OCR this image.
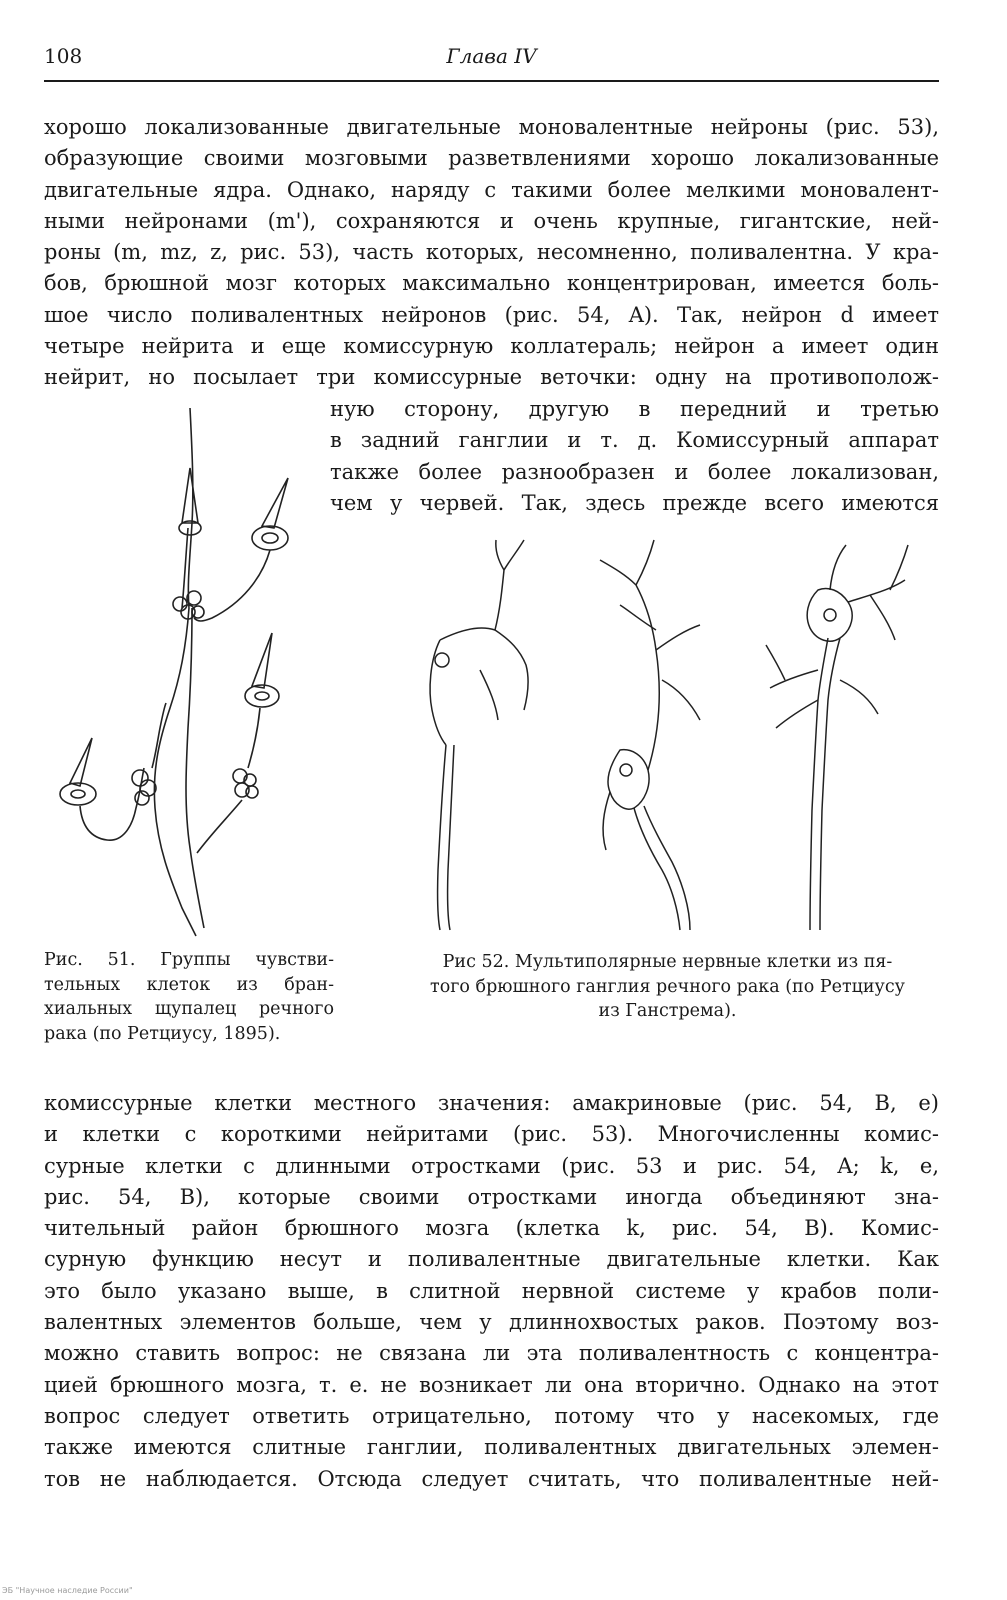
108	Глава IV
хорошо локализованные двигательные моновалентные нейроны (рис. 53),
образующие своими мозговыми разветвлениями хорошо локализованные
двигательные ядра. Однако, наряду с такими более мелкими моновалент-
ными нейронами (m'), сохраняются и очень крупные, гигантские, ней-
роны (m, mz, z, рис. 53), часть которых, несомненно, поливалентна. У кра-
бов, брюшной мозг которых максимально концентрирован, имеется боль-
шое число поливалентных нейронов (рис. 54, A). Так, нейрон d имеет
четыре нейрита и еще комиссурную коллатераль; нейрон a имеет один
нейрит, но посылает три комиссурные веточки: одну на противополож-
ную сторону, другую в передний и третью
в задний ганглии и т. д. Комиссурный аппарат
также более разнообразен и более локализован,
чем у червей. Так, здесь прежде всего имеются
Рис. 51. Группы чувстви-
тельных клеток из бран-
хиальных щупалец речного
рака (по Ретциусу, 1895).
Рис 52. Мультиполярные нервные клетки из пя-
того брюшного ганглия речного рака (по Ретциусу
из Ганстрема).
комиссурные клетки местного значения: амакриновые (рис. 54, B, e)
и клетки с короткими нейритами (рис. 53). Многочисленны комис-
сурные клетки с длинными отростками (рис. 53 и рис. 54, A; k, e,
рис. 54, B), которые своими отростками иногда объединяют зна-
чительный район брюшного мозга (клетка k, рис. 54, B). Комис-
сурную функцию несут и поливалентные двигательные клетки. Как
это было указано выше, в слитной нервной системе у крабов поли-
валентных элементов больше, чем у длиннохвостых раков. Поэтому воз-
можно ставить вопрос: не связана ли эта поливалентность с концентра-
цией брюшного мозга, т. е. не возникает ли она вторично. Однако на этот
вопрос следует ответить отрицательно, потому что у насекомых, где
также имеются слитные ганглии, поливалентных двигательных элемен-
тов не наблюдается. Отсюда следует считать, что поливалентные ней-
ЭБ "Научное наследие России"
